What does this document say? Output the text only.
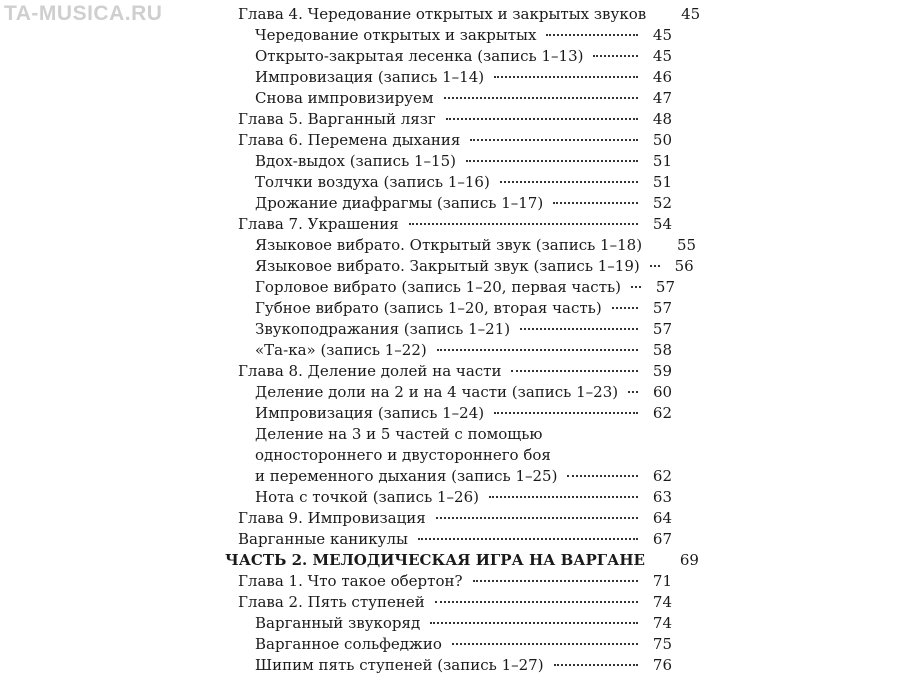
TA-MUSICA.RU	Глава 4. Чередование открытых и закрытых звуков	45
Чередование открытых и закрытых	45
Открыто-закрытая лесенка (запись 1–13)	45
Импровизация (запись 1–14)	46
Снова импровизируем	47
Глава 5. Варганный лязг	48
Глава 6. Перемена дыхания	50
Вдох-выдох (запись 1–15)	51
Толчки воздуха (запись 1–16)	51
Дрожание диафрагмы (запись 1–17)	52
Глава 7. Украшения	54
Языковое вибрато. Открытый звук (запись 1–18)	55
Языковое вибрато. Закрытый звук (запись 1–19)	56
Горловое вибрато (запись 1–20, первая часть)	57
Губное вибрато (запись 1–20, вторая часть)	57
Звукоподражания (запись 1–21)	57
«Та-ка» (запись 1–22)	58
Глава 8. Деление долей на части	59
Деление доли на 2 и на 4 части (запись 1–23)	60
Импровизация (запись 1–24)	62
Деление на 3 и 5 частей с помощью
одностороннего и двустороннего боя
и переменного дыхания (запись 1–25)	62
Нота с точкой (запись 1–26)	63
Глава 9. Импровизация	64
Варганные каникулы	67
ЧАСТЬ 2. МЕЛОДИЧЕСКАЯ ИГРА НА ВАРГАНЕ	69
Глава 1. Что такое обертон?	71
Глава 2. Пять ступеней	74
Варганный звукоряд	74
Варганное сольфеджио	75
Шипим пять ступеней (запись 1–27)	76
